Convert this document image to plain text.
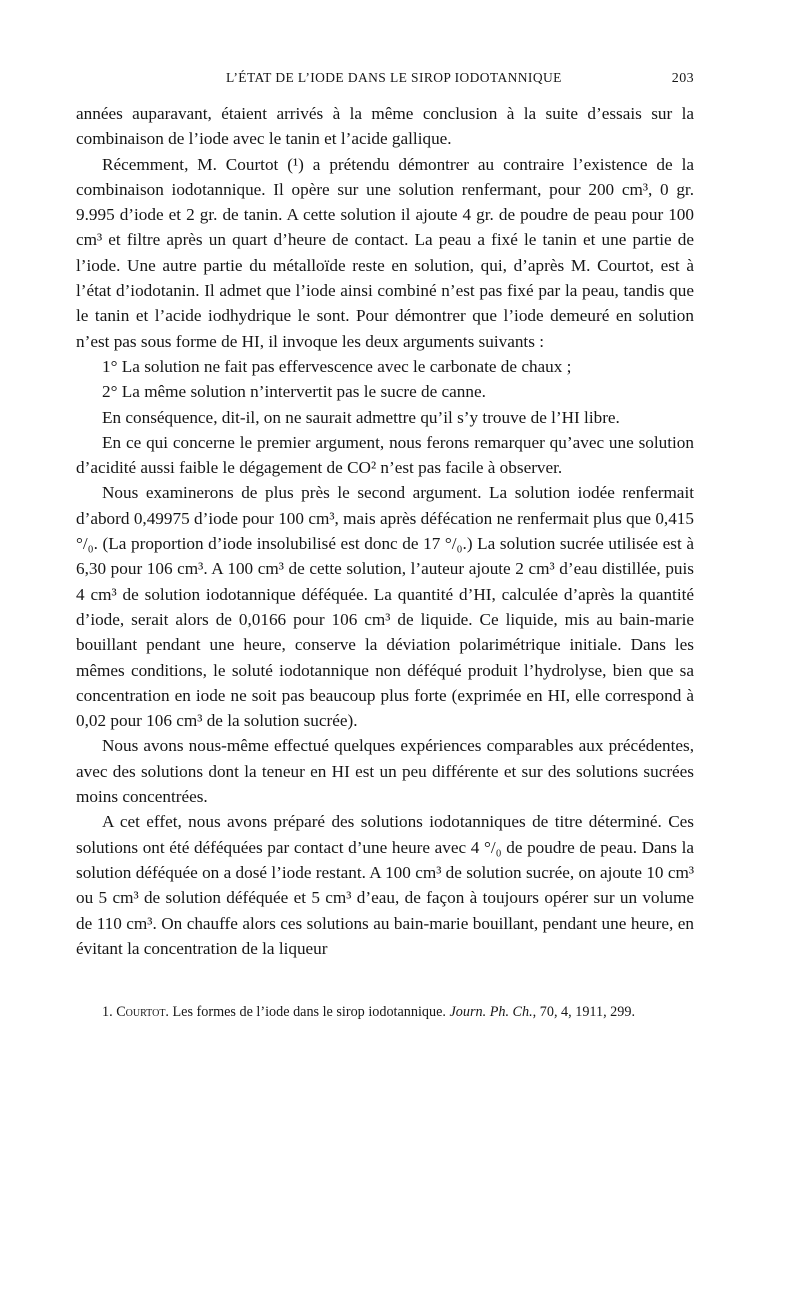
L’ÉTAT DE L’IODE DANS LE SIROP IODOTANNIQUE	203

années auparavant, étaient arrivés à la même conclusion à la suite d’essais sur la combinaison de l’iode avec le tanin et l’acide gallique.

Récemment, M. Courtot (¹) a prétendu démontrer au contraire l’existence de la combinaison iodotannique. Il opère sur une solution renfermant, pour 200 cm³, 0 gr. 9.995 d’iode et 2 gr. de tanin. A cette solution il ajoute 4 gr. de poudre de peau pour 100 cm³ et filtre après un quart d’heure de contact. La peau a fixé le tanin et une partie de l’iode. Une autre partie du métalloïde reste en solution, qui, d’après M. Courtot, est à l’état d’iodotanin. Il admet que l’iode ainsi combiné n’est pas fixé par la peau, tandis que le tanin et l’acide iodhydrique le sont. Pour démontrer que l’iode demeuré en solution n’est pas sous forme de HI, il invoque les deux arguments suivants :

1° La solution ne fait pas effervescence avec le carbonate de chaux ;

2° La même solution n’intervertit pas le sucre de canne.

En conséquence, dit-il, on ne saurait admettre qu’il s’y trouve de l’HI libre.

En ce qui concerne le premier argument, nous ferons remarquer qu’avec une solution d’acidité aussi faible le dégagement de CO² n’est pas facile à observer.

Nous examinerons de plus près le second argument. La solution iodée renfermait d’abord 0,49975 d’iode pour 100 cm³, mais après défécation ne renfermait plus que 0,415 °/₀. (La proportion d’iode insolubilisé est donc de 17 °/₀.) La solution sucrée utilisée est à 6,30 pour 106 cm³. A 100 cm³ de cette solution, l’auteur ajoute 2 cm³ d’eau distillée, puis 4 cm³ de solution iodotannique déféquée. La quantité d’HI, calculée d’après la quantité d’iode, serait alors de 0,0166 pour 106 cm³ de liquide. Ce liquide, mis au bain-marie bouillant pendant une heure, conserve la déviation polarimétrique initiale. Dans les mêmes conditions, le soluté iodotannique non déféqué produit l’hydrolyse, bien que sa concentration en iode ne soit pas beaucoup plus forte (exprimée en HI, elle correspond à 0,02 pour 106 cm³ de la solution sucrée).

Nous avons nous-même effectué quelques expériences comparables aux précédentes, avec des solutions dont la teneur en HI est un peu différente et sur des solutions sucrées moins concentrées.

A cet effet, nous avons préparé des solutions iodotanniques de titre déterminé. Ces solutions ont été déféquées par contact d’une heure avec 4 °/₀ de poudre de peau. Dans la solution déféquée on a dosé l’iode restant. A 100 cm³ de solution sucrée, on ajoute 10 cm³ ou 5 cm³ de solution déféquée et 5 cm³ d’eau, de façon à toujours opérer sur un volume de 110 cm³. On chauffe alors ces solutions au bain-marie bouillant, pendant une heure, en évitant la concentration de la liqueur

1. Courtot. Les formes de l’iode dans le sirop iodotannique. Journ. Ph. Ch., 70, 4, 1911, 299.
